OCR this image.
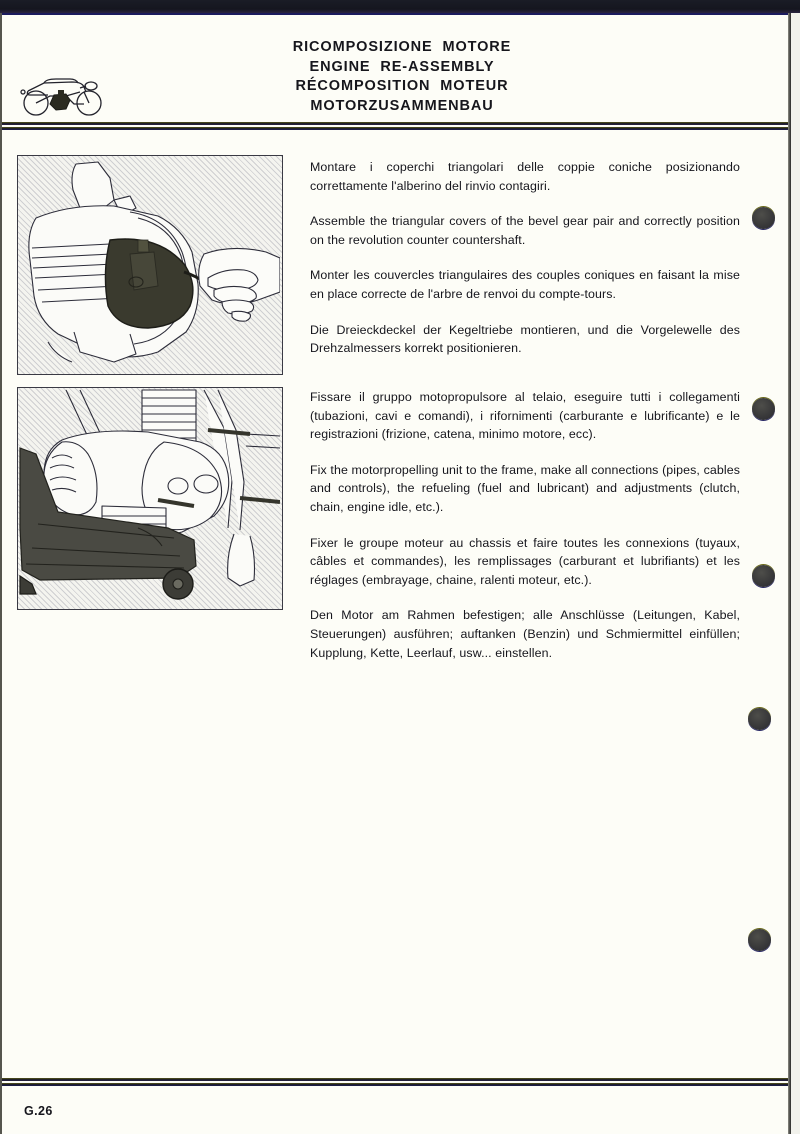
RICOMPOSIZIONE  MOTORE
ENGINE  RE-ASSEMBLY
RÉCOMPOSITION  MOTEUR
MOTORZUSAMMENBAU

Montare i coperchi triangolari delle coppie coniche posizionando correttamente l'alberino del rinvio contagiri.

Assemble the triangular covers of the bevel gear pair and correctly position on the revolution counter countershaft.

Monter les couvercles triangulaires des couples coniques en faisant la mise en place correcte de l'arbre de renvoi du compte-tours.

Die Dreieckdeckel der Kegeltriebe montieren, und die Vorgelewelle des Drehzalmessers korrekt positionieren.

Fissare il gruppo motopropulsore al telaio, eseguire tutti i collegamenti (tubazioni, cavi e comandi), i rifornimenti (carburante e lubrificante) e le registrazioni (frizione, catena, minimo motore, ecc).

Fix the motorpropelling unit to the frame, make all connections (pipes, cables and controls), the refueling (fuel and lubricant) and adjustments (clutch, chain, engine idle, etc.).

Fixer le groupe moteur au chassis et faire toutes les connexions (tuyaux, câbles et commandes), les remplissages (carburant et lubrifiants) et les réglages (embrayage, chaine, ralenti moteur, etc.).

Den Motor am Rahmen befestigen; alle Anschlüsse (Leitungen, Kabel, Steuerungen) ausführen; auftanken (Benzin) und Schmiermittel einfüllen; Kupplung, Kette, Leerlauf, usw... einstellen.

G.26
